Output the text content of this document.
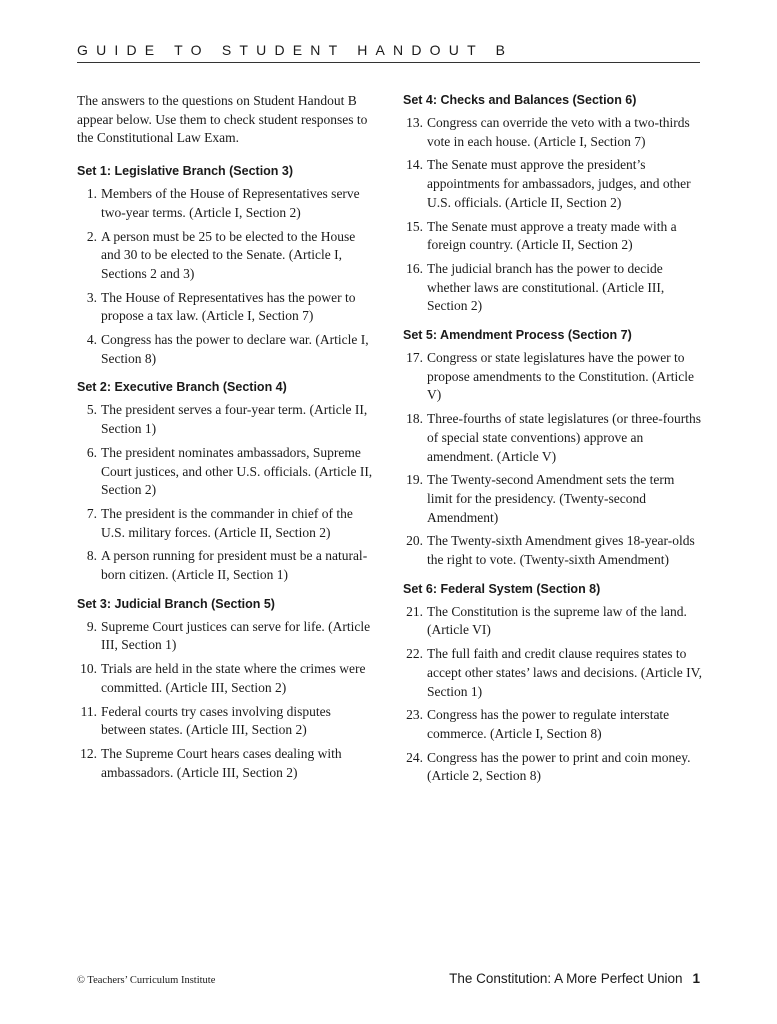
GUIDE TO STUDENT HANDOUT B

The answers to the questions on Student Handout B appear below. Use them to check student responses to the Constitutional Law Exam.

Set 1: Legislative Branch (Section 3)
1. Members of the House of Representatives serve two-year terms. (Article I, Section 2)
2. A person must be 25 to be elected to the House and 30 to be elected to the Senate. (Article I, Sections 2 and 3)
3. The House of Representatives has the power to propose a tax law. (Article I, Section 7)
4. Congress has the power to declare war. (Article I, Section 8)
Set 2: Executive Branch (Section 4)
5. The president serves a four-year term. (Article II, Section 1)
6. The president nominates ambassadors, Supreme Court justices, and other U.S. officials. (Article II, Section 2)
7. The president is the commander in chief of the U.S. military forces. (Article II, Section 2)
8. A person running for president must be a natural-born citizen. (Article II, Section 1)
Set 3: Judicial Branch (Section 5)
9. Supreme Court justices can serve for life. (Article III, Section 1)
10. Trials are held in the state where the crimes were committed. (Article III, Section 2)
11. Federal courts try cases involving disputes between states. (Article III, Section 2)
12. The Supreme Court hears cases dealing with ambassadors. (Article III, Section 2)
Set 4: Checks and Balances (Section 6)
13. Congress can override the veto with a two-thirds vote in each house. (Article I, Section 7)
14. The Senate must approve the president’s appointments for ambassadors, judges, and other U.S. officials. (Article II, Section 2)
15. The Senate must approve a treaty made with a foreign country. (Article II, Section 2)
16. The judicial branch has the power to decide whether laws are constitutional. (Article III, Section 2)
Set 5: Amendment Process (Section 7)
17. Congress or state legislatures have the power to propose amendments to the Constitution. (Article V)
18. Three-fourths of state legislatures (or three-fourths of special state conventions) approve an amendment. (Article V)
19. The Twenty-second Amendment sets the term limit for the presidency. (Twenty-second Amendment)
20. The Twenty-sixth Amendment gives 18-year-olds the right to vote. (Twenty-sixth Amendment)
Set 6: Federal System (Section 8)
21. The Constitution is the supreme law of the land. (Article VI)
22. The full faith and credit clause requires states to accept other states’ laws and decisions. (Article IV, Section 1)
23. Congress has the power to regulate interstate commerce. (Article I, Section 8)
24. Congress has the power to print and coin money. (Article 2, Section 8)
© Teachers’ Curriculum Institute	The Constitution: A More Perfect Union 1
